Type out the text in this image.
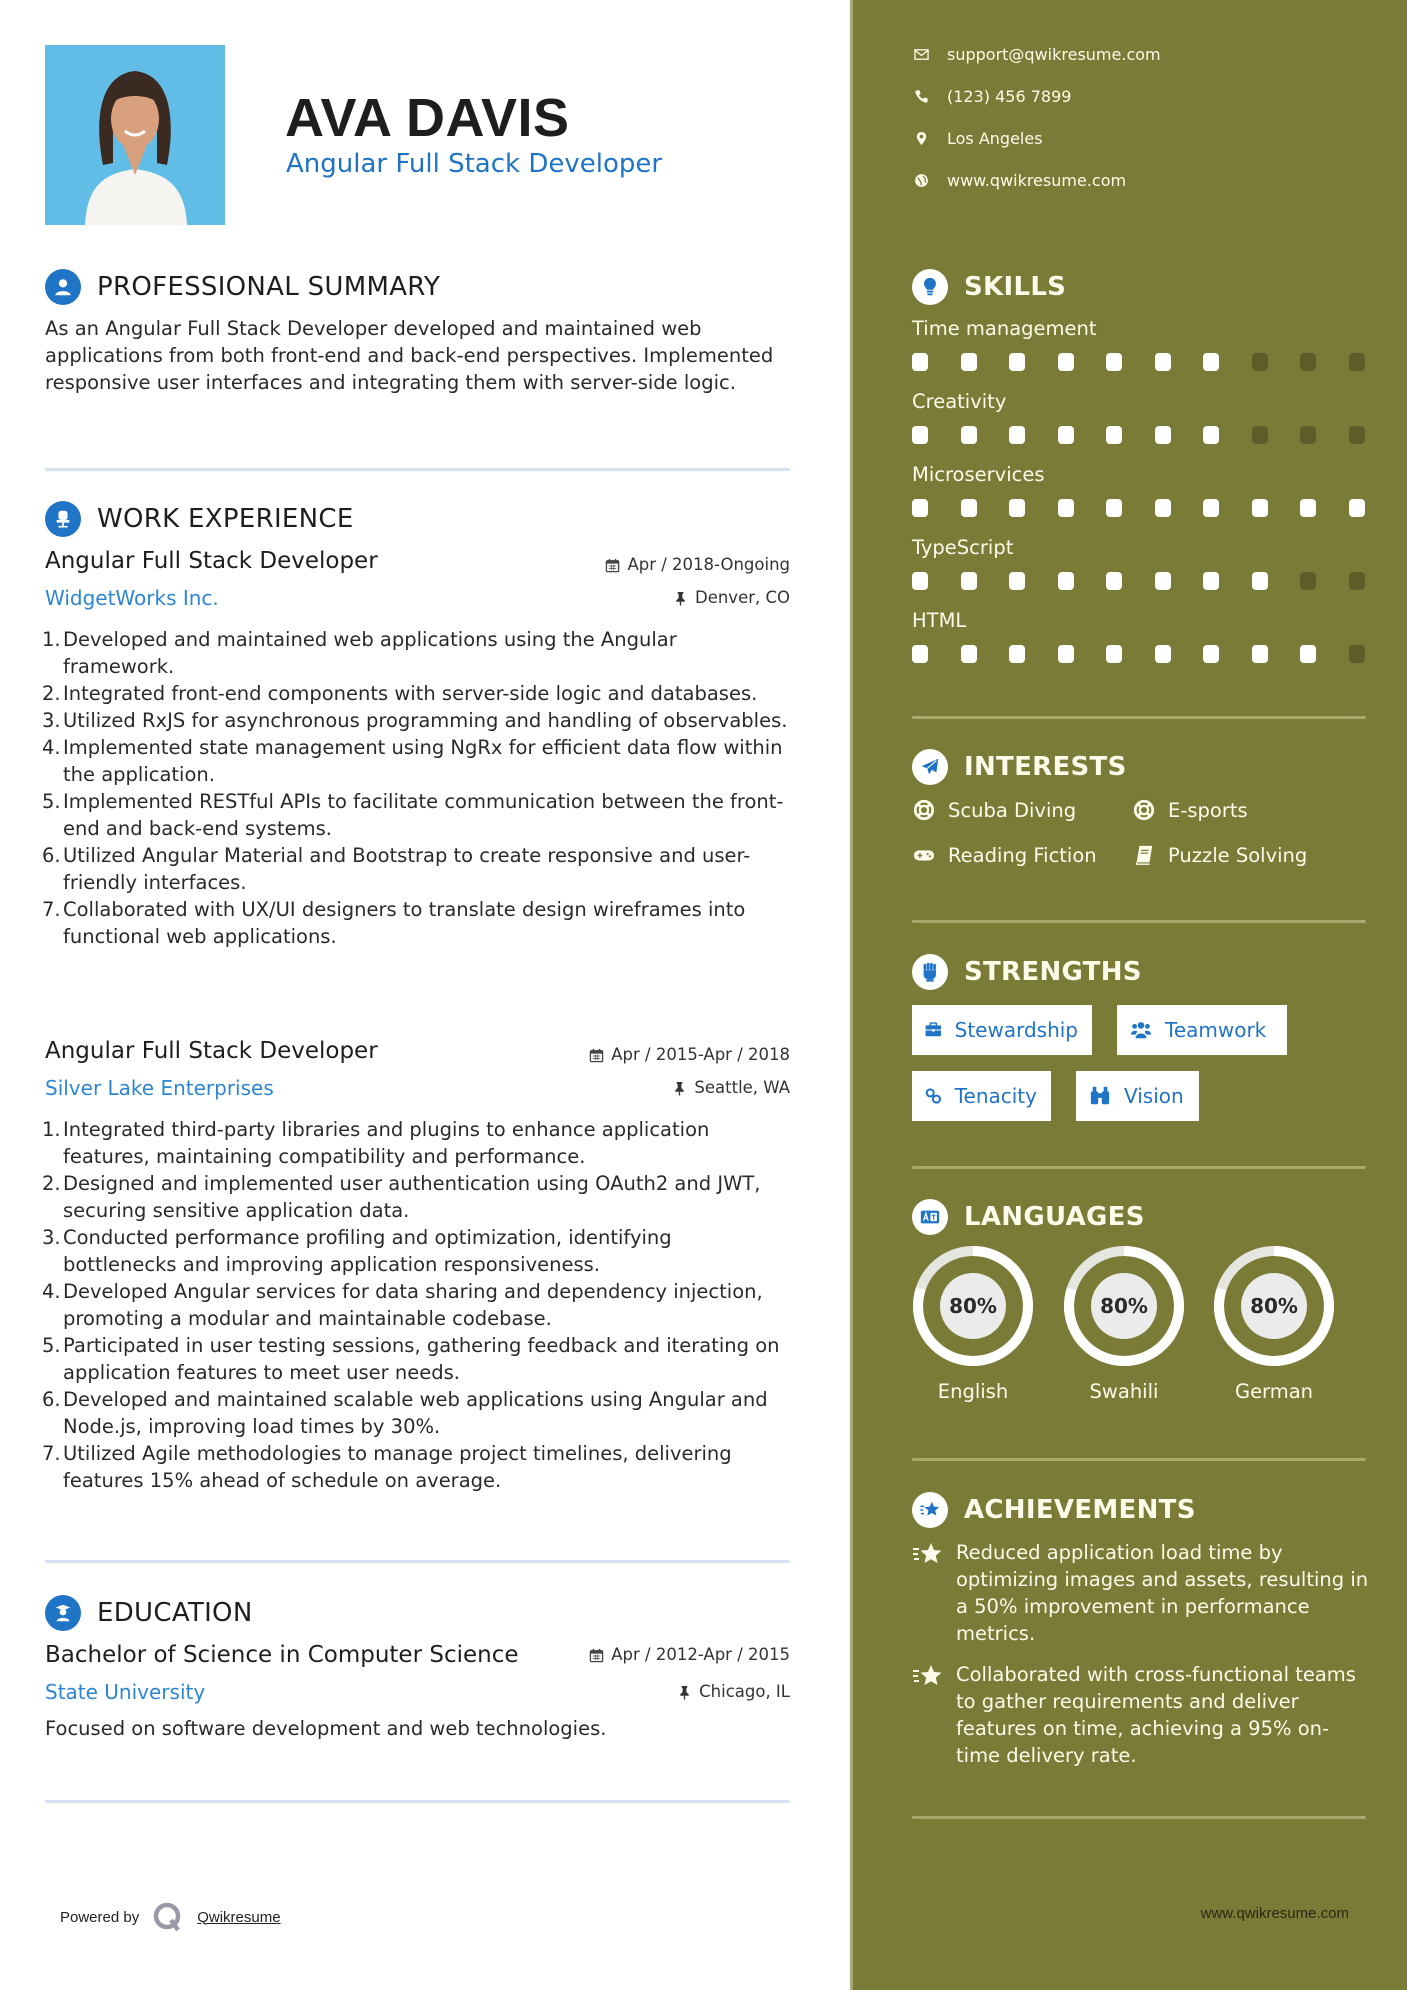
AVA DAVIS
Angular Full Stack Developer
PROFESSIONAL SUMMARY
As an Angular Full Stack Developer developed and maintained web applications from both front-end and back-end perspectives. Implemented responsive user interfaces and integrating them with server-side logic.
WORK EXPERIENCE
Angular Full Stack Developer	Apr / 2018-Ongoing
WidgetWorks Inc.	Denver, CO
1. Developed and maintained web applications using the Angular framework.
2. Integrated front-end components with server-side logic and databases.
3. Utilized RxJS for asynchronous programming and handling of observables.
4. Implemented state management using NgRx for efficient data flow within the application.
5. Implemented RESTful APIs to facilitate communication between the front-end and back-end systems.
6. Utilized Angular Material and Bootstrap to create responsive and user-friendly interfaces.
7. Collaborated with UX/UI designers to translate design wireframes into functional web applications.
Angular Full Stack Developer	Apr / 2015-Apr / 2018
Silver Lake Enterprises	Seattle, WA
1. Integrated third-party libraries and plugins to enhance application features, maintaining compatibility and performance.
2. Designed and implemented user authentication using OAuth2 and JWT, securing sensitive application data.
3. Conducted performance profiling and optimization, identifying bottlenecks and improving application responsiveness.
4. Developed Angular services for data sharing and dependency injection, promoting a modular and maintainable codebase.
5. Participated in user testing sessions, gathering feedback and iterating on application features to meet user needs.
6. Developed and maintained scalable web applications using Angular and Node.js, improving load times by 30%.
7. Utilized Agile methodologies to manage project timelines, delivering features 15% ahead of schedule on average.
EDUCATION
Bachelor of Science in Computer Science	Apr / 2012-Apr / 2015
State University	Chicago, IL
Focused on software development and web technologies.
Powered by	Qwikresume
support@qwikresume.com
(123) 456 7899
Los Angeles
www.qwikresume.com
SKILLS
Time management
Creativity
Microservices
TypeScript
HTML
INTERESTS
Scuba Diving	E-sports
Reading Fiction	Puzzle Solving
STRENGTHS
Stewardship	Teamwork
Tenacity	Vision
LANGUAGES
80%
English
80%
Swahili
80%
German
ACHIEVEMENTS
Reduced application load time by optimizing images and assets, resulting in a 50% improvement in performance metrics.
Collaborated with cross-functional teams to gather requirements and deliver features on time, achieving a 95% on-time delivery rate.
www.qwikresume.com
